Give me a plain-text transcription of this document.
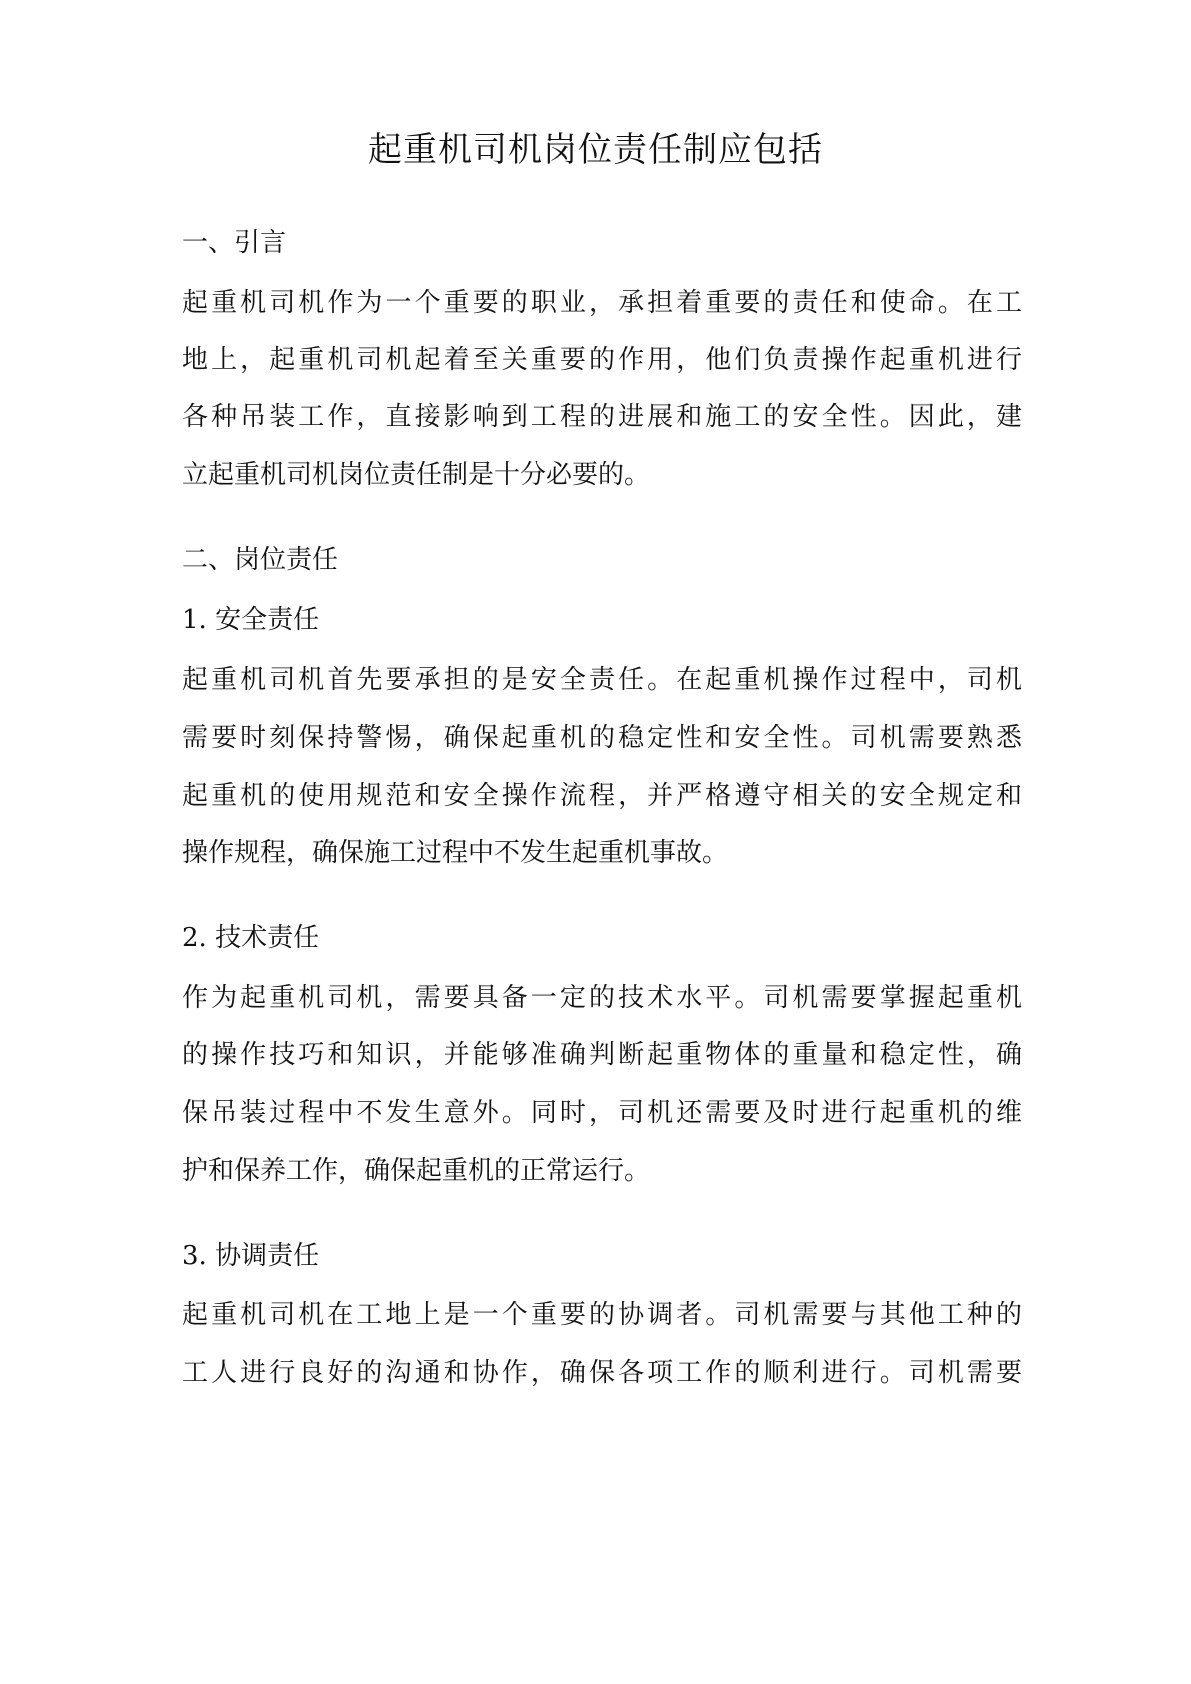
起重机司机岗位责任制应包括
一、引言
起重机司机作为一个重要的职业，承担着重要的责任和使命。在工
地上，起重机司机起着至关重要的作用，他们负责操作起重机进行
各种吊装工作，直接影响到工程的进展和施工的安全性。因此，建
立起重机司机岗位责任制是十分必要的。
二、岗位责任
1. 安全责任
起重机司机首先要承担的是安全责任。在起重机操作过程中，司机
需要时刻保持警惕，确保起重机的稳定性和安全性。司机需要熟悉
起重机的使用规范和安全操作流程，并严格遵守相关的安全规定和
操作规程，确保施工过程中不发生起重机事故。
2. 技术责任
作为起重机司机，需要具备一定的技术水平。司机需要掌握起重机
的操作技巧和知识，并能够准确判断起重物体的重量和稳定性，确
保吊装过程中不发生意外。同时，司机还需要及时进行起重机的维
护和保养工作，确保起重机的正常运行。
3. 协调责任
起重机司机在工地上是一个重要的协调者。司机需要与其他工种的
工人进行良好的沟通和协作，确保各项工作的顺利进行。司机需要
